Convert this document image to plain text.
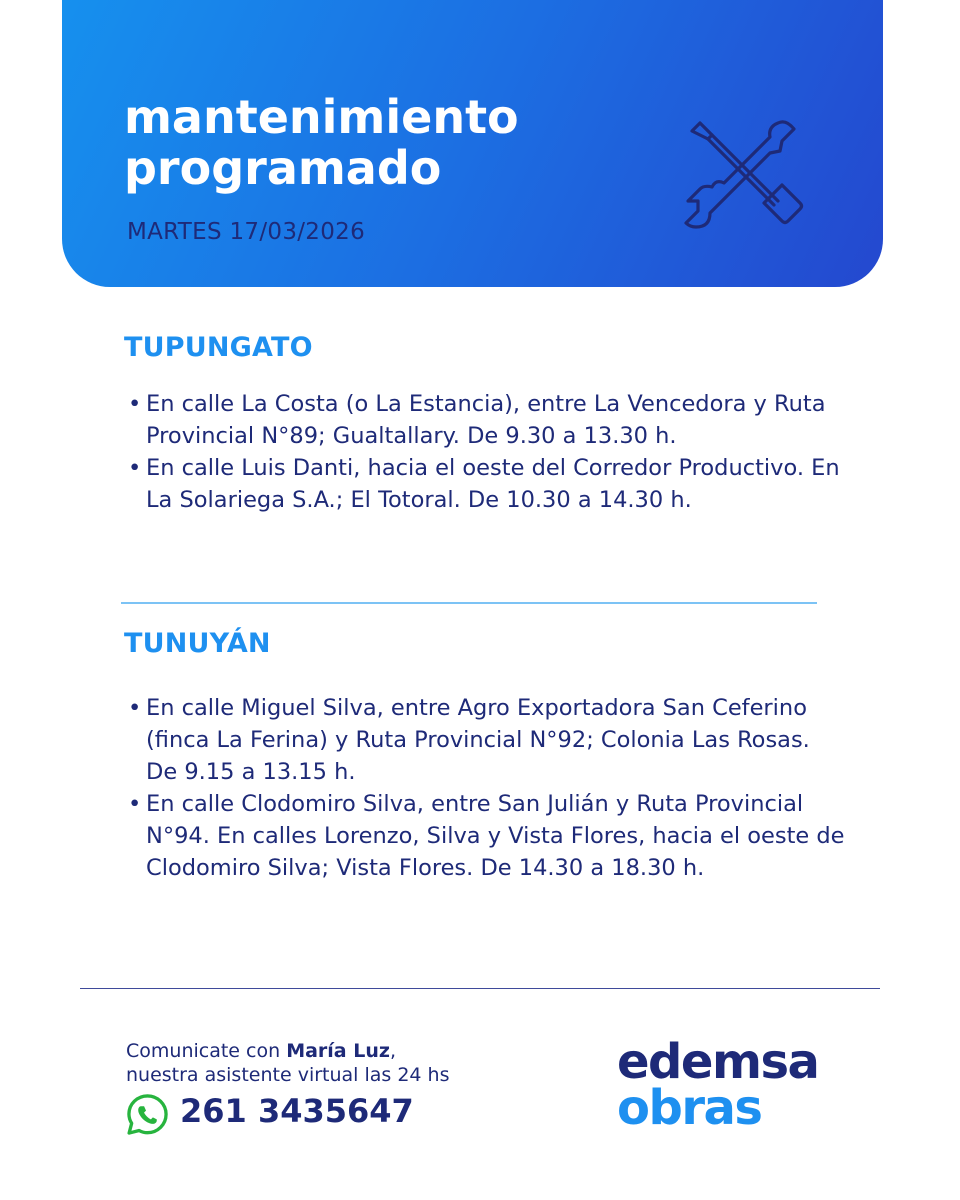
mantenimiento
programado

MARTES 17/03/2026

TUPUNGATO
• En calle La Costa (o La Estancia), entre La Vencedora y Ruta Provincial N°89; Gualtallary. De 9.30 a 13.30 h.
• En calle Luis Danti, hacia el oeste del Corredor Productivo. En La Solariega S.A.; El Totoral. De 10.30 a 14.30 h.
TUNUYÁN
• En calle Miguel Silva, entre Agro Exportadora San Ceferino (finca La Ferina) y Ruta Provincial N°92; Colonia Las Rosas. De 9.15 a 13.15 h.
• En calle Clodomiro Silva, entre San Julián y Ruta Provincial N°94. En calles Lorenzo, Silva y Vista Flores, hacia el oeste de Clodomiro Silva; Vista Flores. De 14.30 a 18.30 h.

Comunicate con María Luz,

nuestra asistente virtual las 24 hs

261 3435647

edemsa
obras
